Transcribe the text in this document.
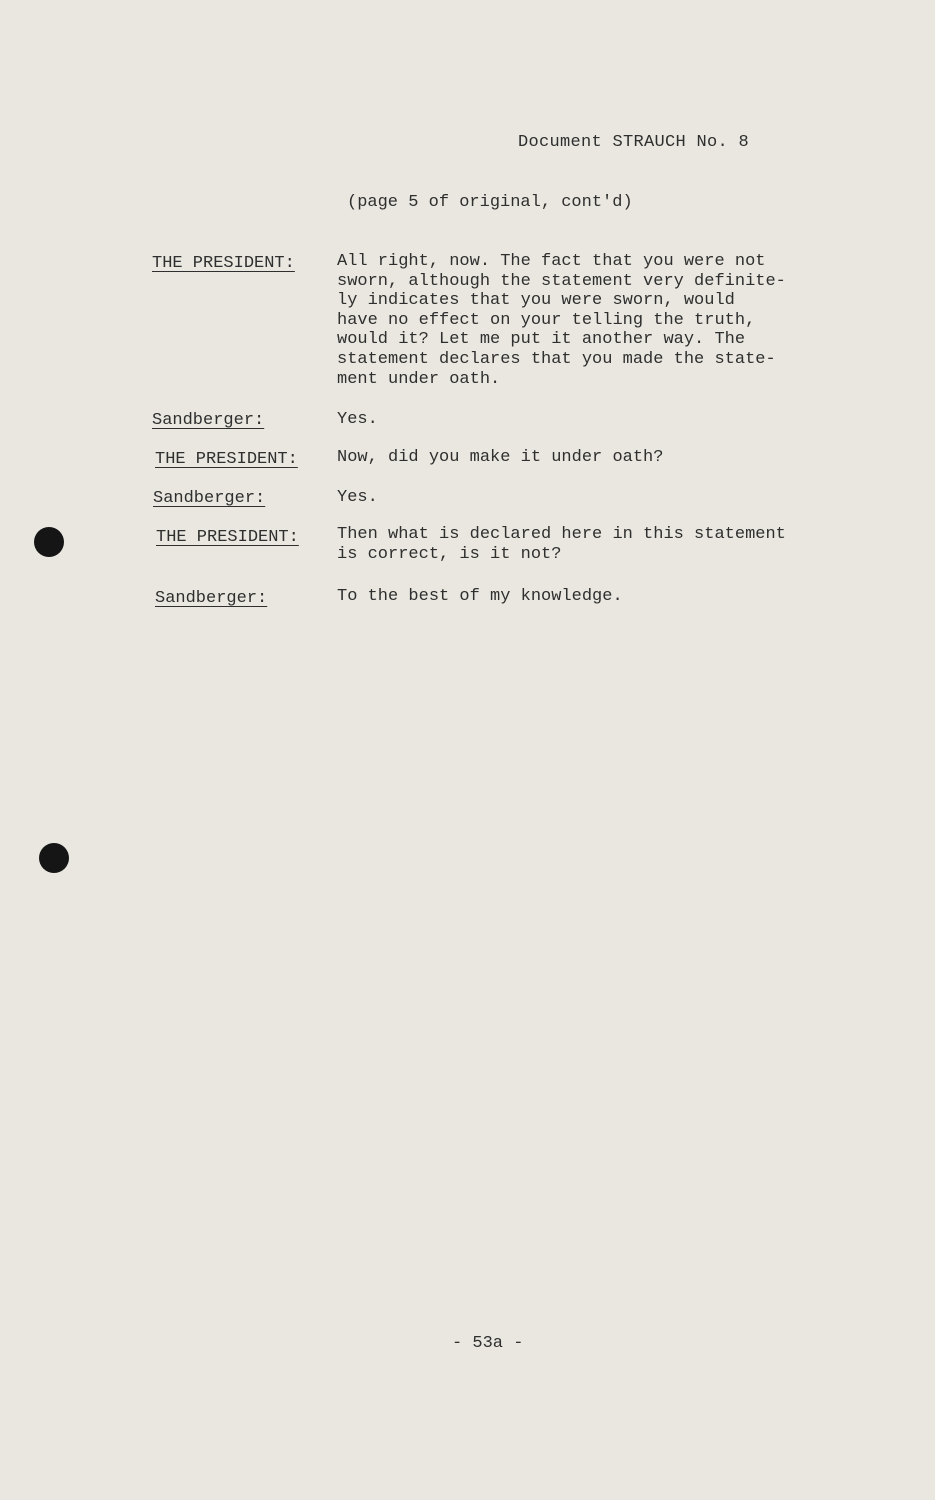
Document STRAUCH No. 8
(page 5 of original, cont'd)
THE PRESIDENT: All right, now. The fact that you were not
sworn, although the statement very definite-
ly indicates that you were sworn, would
have no effect on your telling the truth,
would it? Let me put it another way. The
statement declares that you made the state-
ment under oath.
Sandberger:	Yes.
THE PRESIDENT: Now, did you make it under oath?
Sandberger:	Yes.
THE PRESIDENT: Then what is declared here in this statement
is correct, is it not?
Sandberger:	To the best of my knowledge.
- 53a -
